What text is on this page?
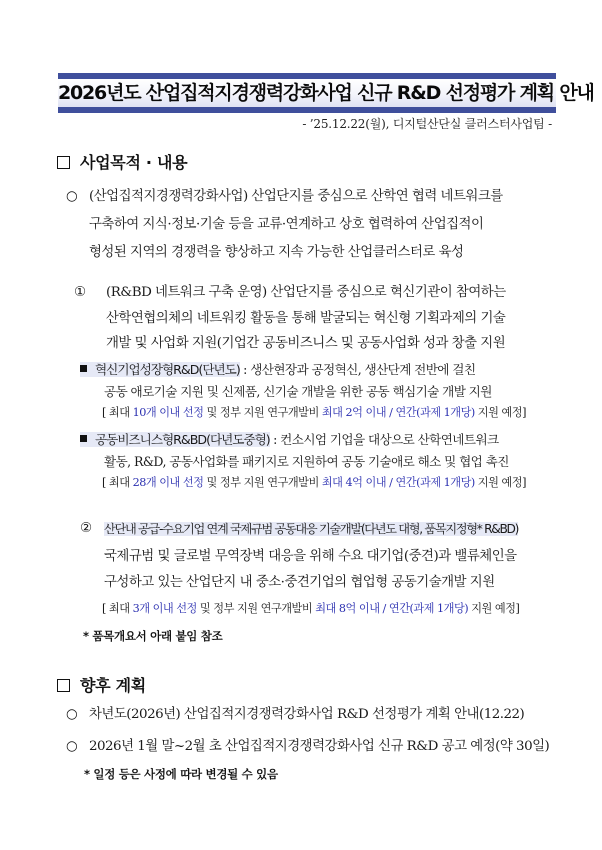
2026년도 산업집적지경쟁력강화사업 신규 R&D 선정평가 계획 안내
- ’25.12.22(월), 디지털산단실 클러스터사업팀 -
사업목적 · 내용
○ (산업집적지경쟁력강화사업) 산업단지를 중심으로 산학연 협력 네트워크를
구축하여 지식·정보·기술 등을 교류·연계하고 상호 협력하여 산업집적이
형성된 지역의 경쟁력을 향상하고 지속 가능한 산업클러스터로 육성
① (R&BD 네트워크 구축 운영) 산업단지를 중심으로 혁신기관이 참여하는
산학연협의체의 네트워킹 활동을 통해 발굴되는 혁신형 기획과제의 기술
개발 및 사업화 지원(기업간 공동비즈니스 및 공동사업화 성과 창출 지원
혁신기업성장형R&D(단년도) : 생산현장과 공정혁신, 생산단계 전반에 걸친
공동 애로기술 지원 및 신제품, 신기술 개발을 위한 공동 핵심기술 개발 지원
[ 최대 10개 이내 선정 및 정부 지원 연구개발비 최대 2억 이내 / 연간(과제 1개당) 지원 예정]
공동비즈니스형R&BD(다년도중형) : 컨소시엄 기업을 대상으로 산학연네트워크
활동, R&D, 공동사업화를 패키지로 지원하여 공동 기술애로 해소 및 협업 촉진
[ 최대 28개 이내 선정 및 정부 지원 연구개발비 최대 4억 이내 / 연간(과제 1개당) 지원 예정]
② 산단내 공급-수요기업 연계 국제규범 공동대응 기술개발(다년도 대형, 품목지정형* R&BD)
국제규범 및 글로벌 무역장벽 대응을 위해 수요 대기업(중견)과 밸류체인을
구성하고 있는 산업단지 내 중소·중견기업의 협업형 공동기술개발 지원
[ 최대 3개 이내 선정 및 정부 지원 연구개발비 최대 8억 이내 / 연간(과제 1개당) 지원 예정]
* 품목개요서 아래 붙임 참조
향후 계획
○ 차년도(2026년) 산업집적지경쟁력강화사업 R&D 선정평가 계획 안내(12.22)
○ 2026년 1월 말~2월 초 산업집적지경쟁력강화사업 신규 R&D 공고 예정(약 30일)
* 일정 등은 사정에 따라 변경될 수 있음
